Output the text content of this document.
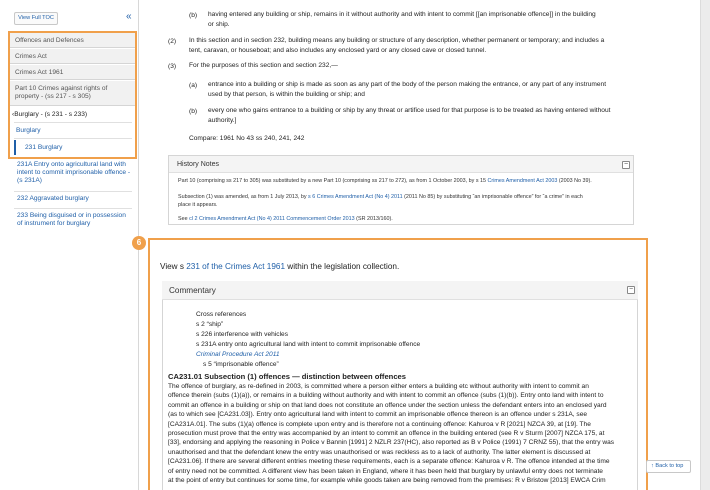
View Full TOC	«
Offences and Defences
Crimes Act
Crimes Act 1961
Part 10 Crimes against rights of property - (ss 217 - s 305)
‹Burglary - (s 231 - s 233)
Burglary
231 Burglary
231A Entry onto agricultural land with intent to commit imprisonable offence - (s 231A)
232 Aggravated burglary
233 Being disguised or in possession of instrument for burglary
(b) having entered any building or ship, remains in it without authority and with intent to commit [[an imprisonable offence]] in the building
or ship.
(2) In this section and in section 232, building means any building or structure of any description, whether permanent or temporary; and includes a
tent, caravan, or houseboat; and also includes any enclosed yard or any closed cave or closed tunnel.
(3) For the purposes of this section and section 232,—
(a) entrance into a building or ship is made as soon as any part of the body of the person making the entrance, or any part of any instrument
used by that person, is within the building or ship; and
(b) every one who gains entrance to a building or ship by any threat or artifice used for that purpose is to be treated as having entered without
authority.]
Compare: 1961 No 43 ss 240, 241, 242
History Notes	−
Part 10 (comprising ss 217 to 305) was substituted by a new Part 10 (comprising ss 217 to 272), as from 1 October 2003, by s 15 Crimes Amendment Act 2003 (2003 No 39).
Subsection (1) was amended, as from 1 July 2013, by s 6 Crimes Amendment Act (No 4) 2011 (2011 No 85) by substituting “an imprisonable offence” for “a crime” in each
place it appears.
See cl 2 Crimes Amendment Act (No 4) 2011 Commencement Order 2013 (SR 2013/160).
6
View s 231 of the Crimes Act 1961 within the legislation collection.
Commentary	−
Cross references
s 2 “ship”
s 226 interference with vehicles
s 231A entry onto agricultural land with intent to commit imprisonable offence
Criminal Procedure Act 2011
s 5 “imprisonable offence”
CA231.01 Subsection (1) offences — distinction between offences
The offence of burglary, as re-defined in 2003, is committed where a person either enters a building etc without authority with intent to commit an
offence therein (subs (1)(a)), or remains in a building without authority and with intent to commit an offence (subs (1)(b)). Entry onto land with intent to
commit an offence in a building or ship on that land does not constitute an offence under the section unless the defendant enters into an enclosed yard
(as to which see [CA231.03]). Entry onto agricultural land with intent to commit an imprisonable offence thereon is an offence under s 231A, see
[CA231A.01]. The subs (1)(a) offence is complete upon entry and is therefore not a continuing offence: Kahuroa v R [2021] NZCA 39, at [19]. The
prosecution must prove that the entry was accompanied by an intent to commit an offence in the building entered (see R v Sturm [2007] NZCA 175, at
[33], endorsing and applying the reasoning in Police v Bannin [1991] 2 NZLR 237(HC), also reported as B v Police (1991) 7 CRNZ 55), that the entry was
unauthorised and that the defendant knew the entry was unauthorised or was reckless as to a lack of authority. The latter element is discussed at
[CA231.06]. If there are several different entries meeting these requirements, each is a separate offence: Kahuroa v R. The offence intended at the time
of entry need not be committed. A different view has been taken in England, where it has been held that burglary by unlawful entry does not terminate
at the point of entry but continues for some time, for example while goods taken are being removed from the premises: R v Bristow [2013] EWCA Crim
↑ Back to top
